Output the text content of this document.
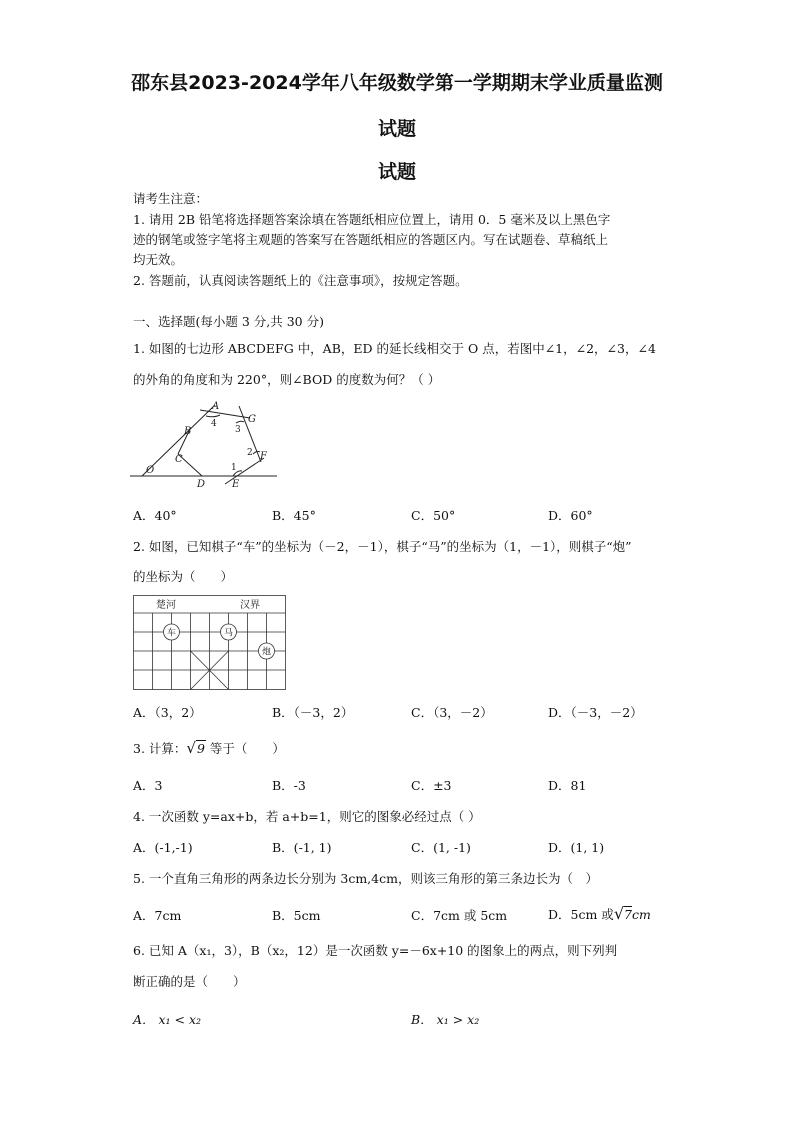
邵东县2023-2024学年八年级数学第一学期期末学业质量监测
试题
试题
请考生注意：
1. 请用 2B 铅笔将选择题答案涂填在答题纸相应位置上，请用 0．5 毫米及以上黑色字
迹的钢笔或签字笔将主观题的答案写在答题纸相应的答题区内。写在试题卷、草稿纸上
均无效。
2. 答题前，认真阅读答题纸上的《注意事项》，按规定答题。
一、选择题(每小题 3 分,共 30 分)
1. 如图的七边形 ABCDEFG 中，AB，ED 的延长线相交于 O 点，若图中∠1，∠2，∠3，∠4
的外角的角度和为 220°，则∠BOD 的度数为何？（ ）
A
B
C
D	E
F
G
O	1
2
3
4
A．40°	B．45°	C．50°	D．60°
2. 如图，已知棋子“车”的坐标为（－2，－1），棋子“马”的坐标为（1，－1），则棋子“炮”
的坐标为（　　）
楚河	汉界
车	马
炮
A．（3，2）	B．（－3，2）	C．（3，－2）	D．（－3，－2）
3. 计算：√9 等于（　　）
A．3	B．-3	C．±3	D．81
4. 一次函数 y=ax+b，若 a+b=1，则它的图象必经过点（ ）
A．(-1,-1)	B．(-1, 1)	C．(1, -1)	D．(1, 1)
5. 一个直角三角形的两条边长分别为 3cm,4cm，则该三角形的第三条边长为（　）
A．7cm	B．5cm	C．7cm 或 5cm	D．5cm 或√7cm
6. 已知 A（x₁，3），B（x₂，12）是一次函数 y=－6x+10 的图象上的两点，则下列判
断正确的是（　　）
A． x₁ < x₂	B． x₁ > x₂
